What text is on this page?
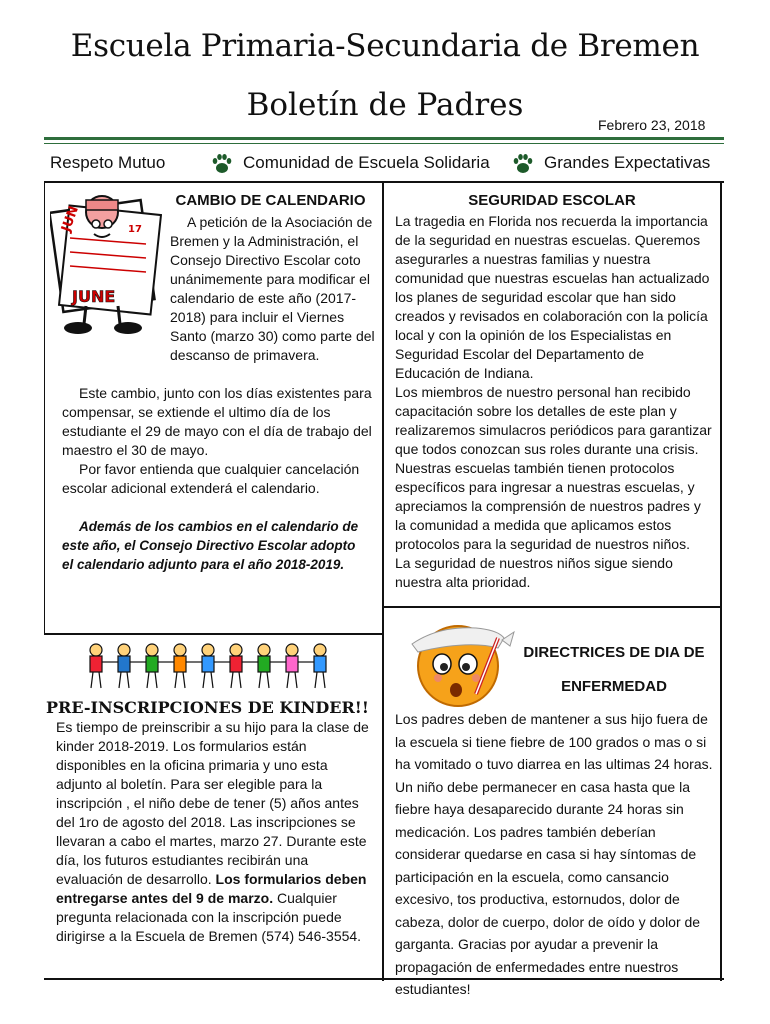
Escuela Primaria-Secundaria de Bremen
Boletín de Padres
Febrero 23, 2018
Respeto Mutuo	Comunidad de Escuela Solidaria	Grandes Expectativas
JUN	17
JUNE
CAMBIO DE CALENDARIO

A petición de la Asociación de Bremen y la Administración, el Consejo Directivo Escolar coto unánimemente para modificar el calendario de este año (2017-2018) para incluir el Viernes Santo (marzo 30) como parte del descanso de primavera.

Este cambio, junto con los días existentes para compensar, se extiende el ultimo día de los estudiante el 29 de mayo con el día de trabajo del maestro el 30 de mayo.
Por favor entienda que cualquier cancelación escolar adicional extenderá el calendario.
Además de los cambios en el calendario de este año, el Consejo Directivo Escolar adopto el calendario adjunto para el año 2018-2019.
SEGURIDAD ESCOLAR

La tragedia en Florida nos recuerda la importancia de la seguridad en nuestras escuelas. Queremos asegurarles a nuestras familias y nuestra comunidad que nuestras escuelas han actualizado los planes de seguridad escolar que han sido creados y revisados en colaboración con la policía local y con la opinión de los Especialistas en Seguridad Escolar del Departamento de Educación de Indiana.

Los miembros de nuestro personal han recibido capacitación sobre los detalles de este plan y realizaremos simulacros periódicos para garantizar que todos conozcan sus roles durante una crisis. Nuestras escuelas también tienen protocolos específicos para ingresar a nuestras escuelas, y apreciamos la comprensión de nuestros padres y la comunidad a medida que aplicamos estos protocolos para la seguridad de nuestros niños.

La seguridad de nuestros niños sigue siendo nuestra alta prioridad.

PRE-INSCRIPCIONES DE KINDER!!

Es tiempo de preinscribir a su hijo para la clase de kinder 2018-2019. Los formularios están disponibles en la oficina primaria y uno esta adjunto al boletín. Para ser elegible para la inscripción , el niño debe de tener (5) años antes del 1ro de agosto del 2018. Las inscripciones se llevaran a cabo el martes, marzo 27. Durante este día, los futuros estudiantes recibirán una evaluación de desarrollo. Los formularios deben entregarse antes del 9 de marzo. Cualquier pregunta relacionada con la inscripción puede dirigirse a la Escuela de Bremen (574) 546-3554.

DIRECTRICES DE DIA DE
ENFERMEDAD
Los padres deben de mantener a sus hijo fuera de la escuela si tiene fiebre de 100 grados o mas o si ha vomitado o tuvo diarrea en las ultimas 24 horas. Un niño debe permanecer en casa hasta que la fiebre haya desaparecido durante 24 horas sin medicación. Los padres también deberían considerar quedarse en casa si hay síntomas de participación en la escuela, como cansancio excesivo, tos productiva, estornudos, dolor de cabeza, dolor de cuerpo, dolor de oído y dolor de garganta. Gracias por ayudar a prevenir la propagación de enfermedades entre nuestros estudiantes!
